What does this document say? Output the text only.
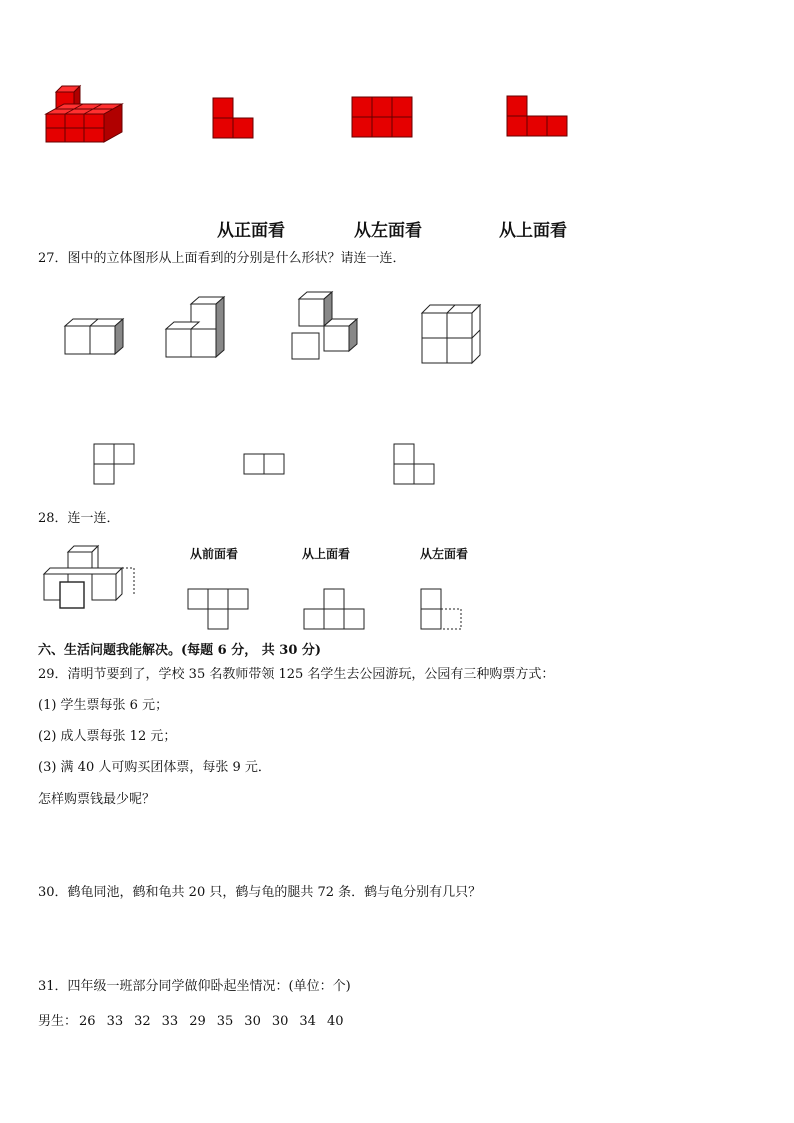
从正面看	从左面看	从上面看
27．图中的立体图形从上面看到的分别是什么形状？请连一连．
28．连一连．
从前面看	从上面看	从左面看
六、生活问题我能解决。(每题 6 分， 共 30 分)
29．清明节要到了，学校 35 名教师带领 125 名学生去公园游玩，公园有三种购票方式：
(1) 学生票每张 6 元；
(2) 成人票每张 12 元；
(3) 满 40 人可购买团体票，每张 9 元．
怎样购票钱最少呢？
30．鹤龟同池，鹤和龟共 20 只，鹤与龟的腿共 72 条．鹤与龟分别有几只？
31．四年级一班部分同学做仰卧起坐情况：(单位：个)
男生： 26 33 32 33 29 35 30 30 34 40
